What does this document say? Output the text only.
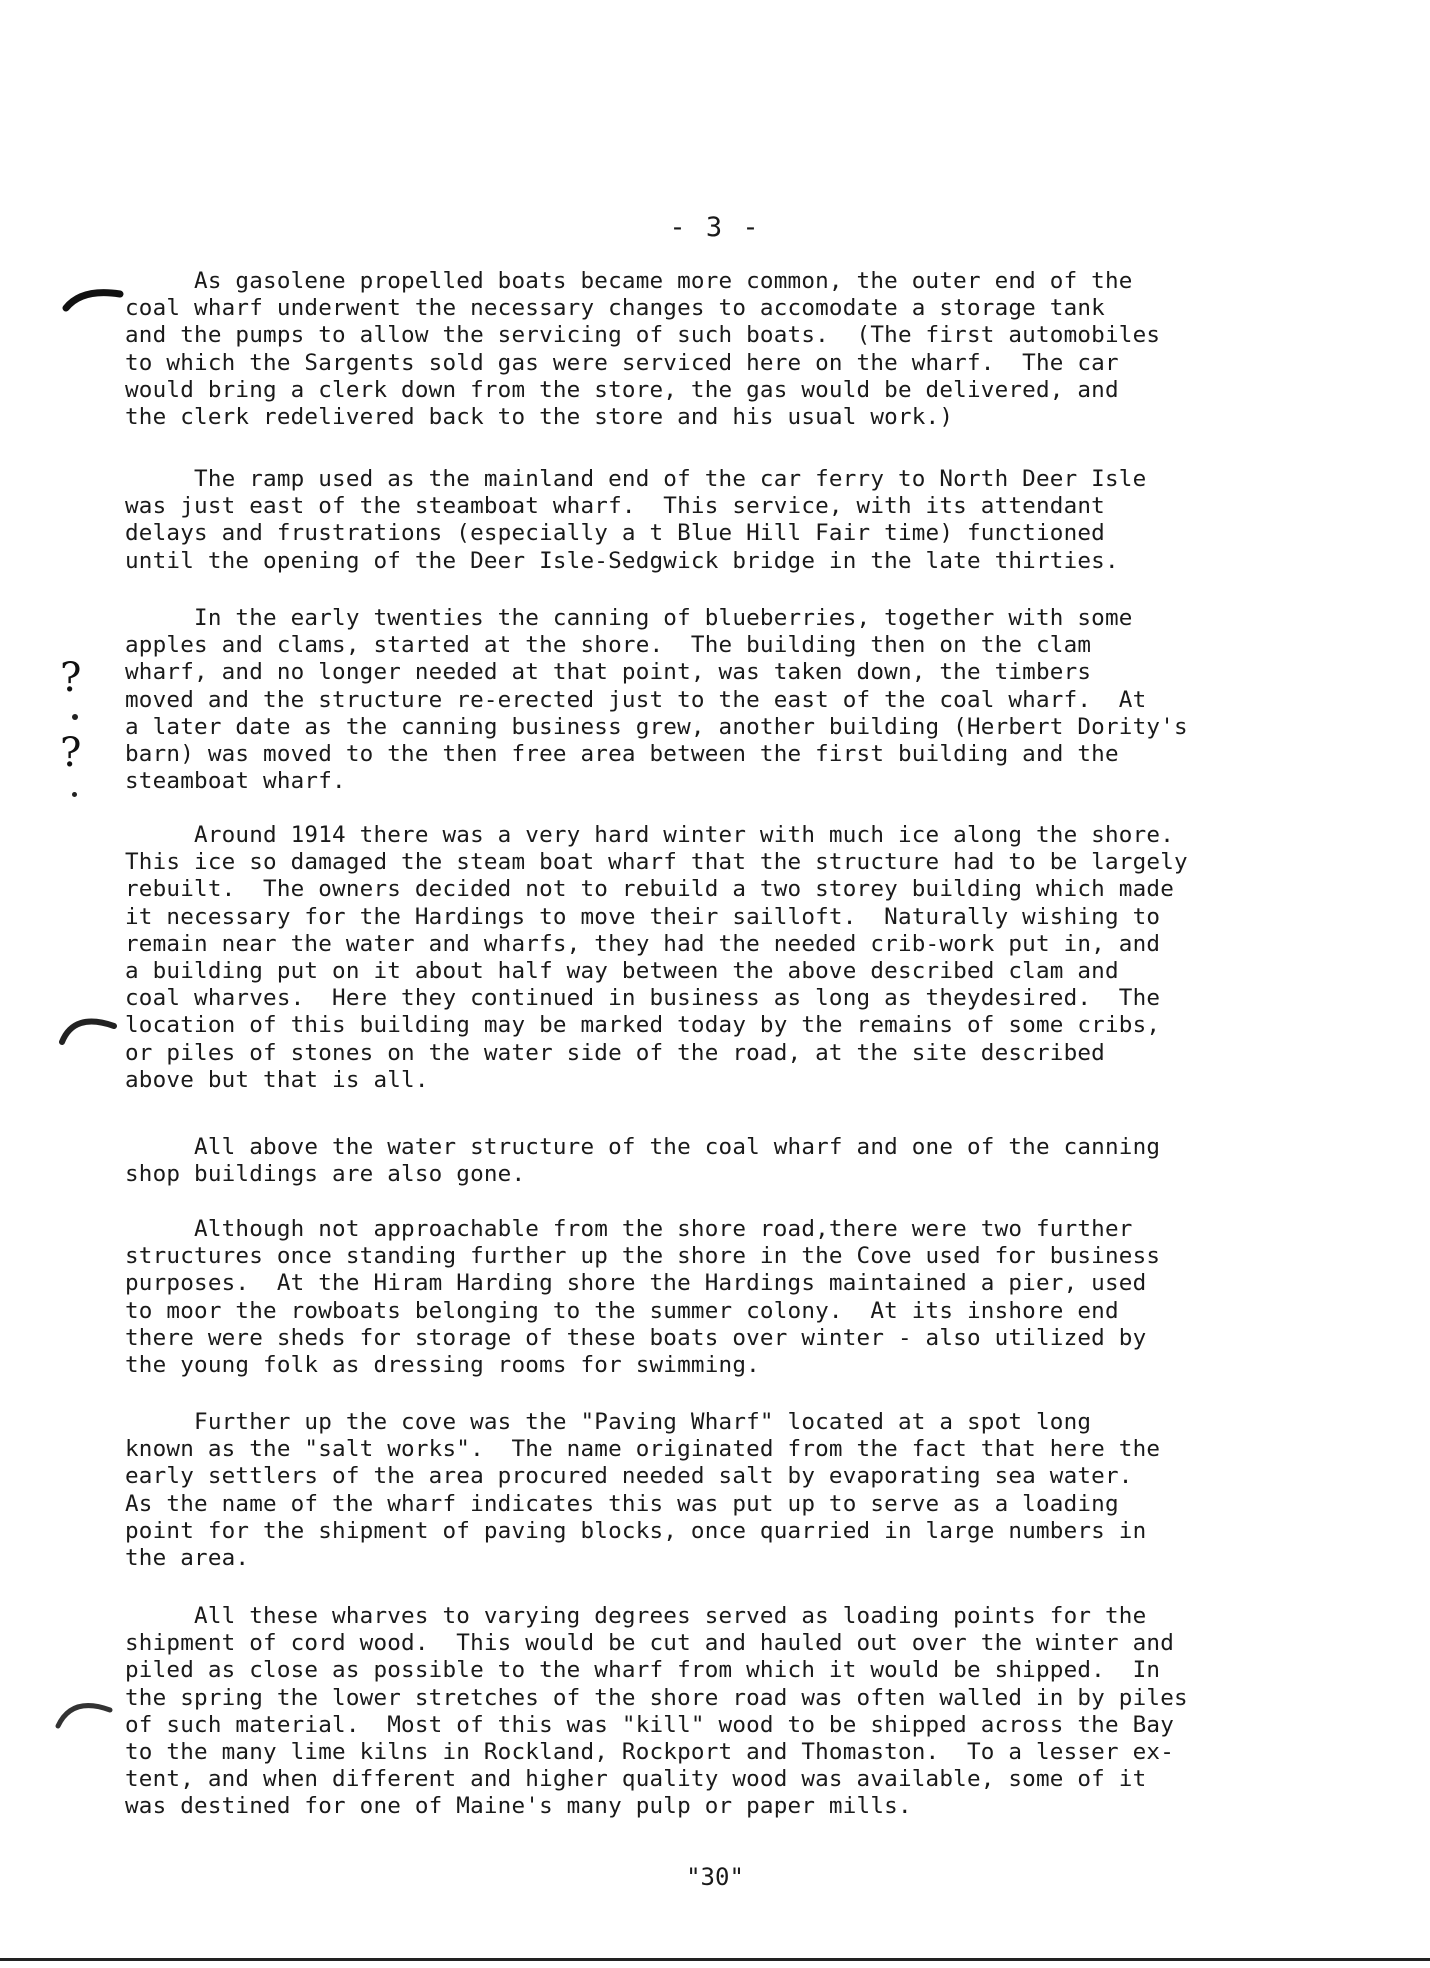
- 3 -
?
?

As gasolene propelled boats became more common, the outer end of the
coal wharf underwent the necessary changes to accomodate a storage tank
and the pumps to allow the servicing of such boats.  (The first automobiles
to which the Sargents sold gas were serviced here on the wharf.  The car
would bring a clerk down from the store, the gas would be delivered, and
the clerk redelivered back to the store and his usual work.)

The ramp used as the mainland end of the car ferry to North Deer Isle
was just east of the steamboat wharf.  This service, with its attendant
delays and frustrations (especially a t Blue Hill Fair time) functioned
until the opening of the Deer Isle-Sedgwick bridge in the late thirties.

In the early twenties the canning of blueberries, together with some
apples and clams, started at the shore.  The building then on the clam
wharf, and no longer needed at that point, was taken down, the timbers
moved and the structure re-erected just to the east of the coal wharf.  At
a later date as the canning business grew, another building (Herbert Dority's
barn) was moved to the then free area between the first building and the
steamboat wharf.

Around 1914 there was a very hard winter with much ice along the shore.
This ice so damaged the steam boat wharf that the structure had to be largely
rebuilt.  The owners decided not to rebuild a two storey building which made
it necessary for the Hardings to move their sailloft.  Naturally wishing to
remain near the water and wharfs, they had the needed crib-work put in, and
a building put on it about half way between the above described clam and
coal wharves.  Here they continued in business as long as theydesired.  The
location of this building may be marked today by the remains of some cribs,
or piles of stones on the water side of the road, at the site described
above but that is all.

All above the water structure of the coal wharf and one of the canning
shop buildings are also gone.

Although not approachable from the shore road,there were two further
structures once standing further up the shore in the Cove used for business
purposes.  At the Hiram Harding shore the Hardings maintained a pier, used
to moor the rowboats belonging to the summer colony.  At its inshore end
there were sheds for storage of these boats over winter - also utilized by
the young folk as dressing rooms for swimming.

Further up the cove was the "Paving Wharf" located at a spot long
known as the "salt works".  The name originated from the fact that here the
early settlers of the area procured needed salt by evaporating sea water.
As the name of the wharf indicates this was put up to serve as a loading
point for the shipment of paving blocks, once quarried in large numbers in
the area.

All these wharves to varying degrees served as loading points for the
shipment of cord wood.  This would be cut and hauled out over the winter and
piled as close as possible to the wharf from which it would be shipped.  In
the spring the lower stretches of the shore road was often walled in by piles
of such material.  Most of this was "kill" wood to be shipped across the Bay
to the many lime kilns in Rockland, Rockport and Thomaston.  To a lesser ex-
tent, and when different and higher quality wood was available, some of it
was destined for one of Maine's many pulp or paper mills.

"30"
